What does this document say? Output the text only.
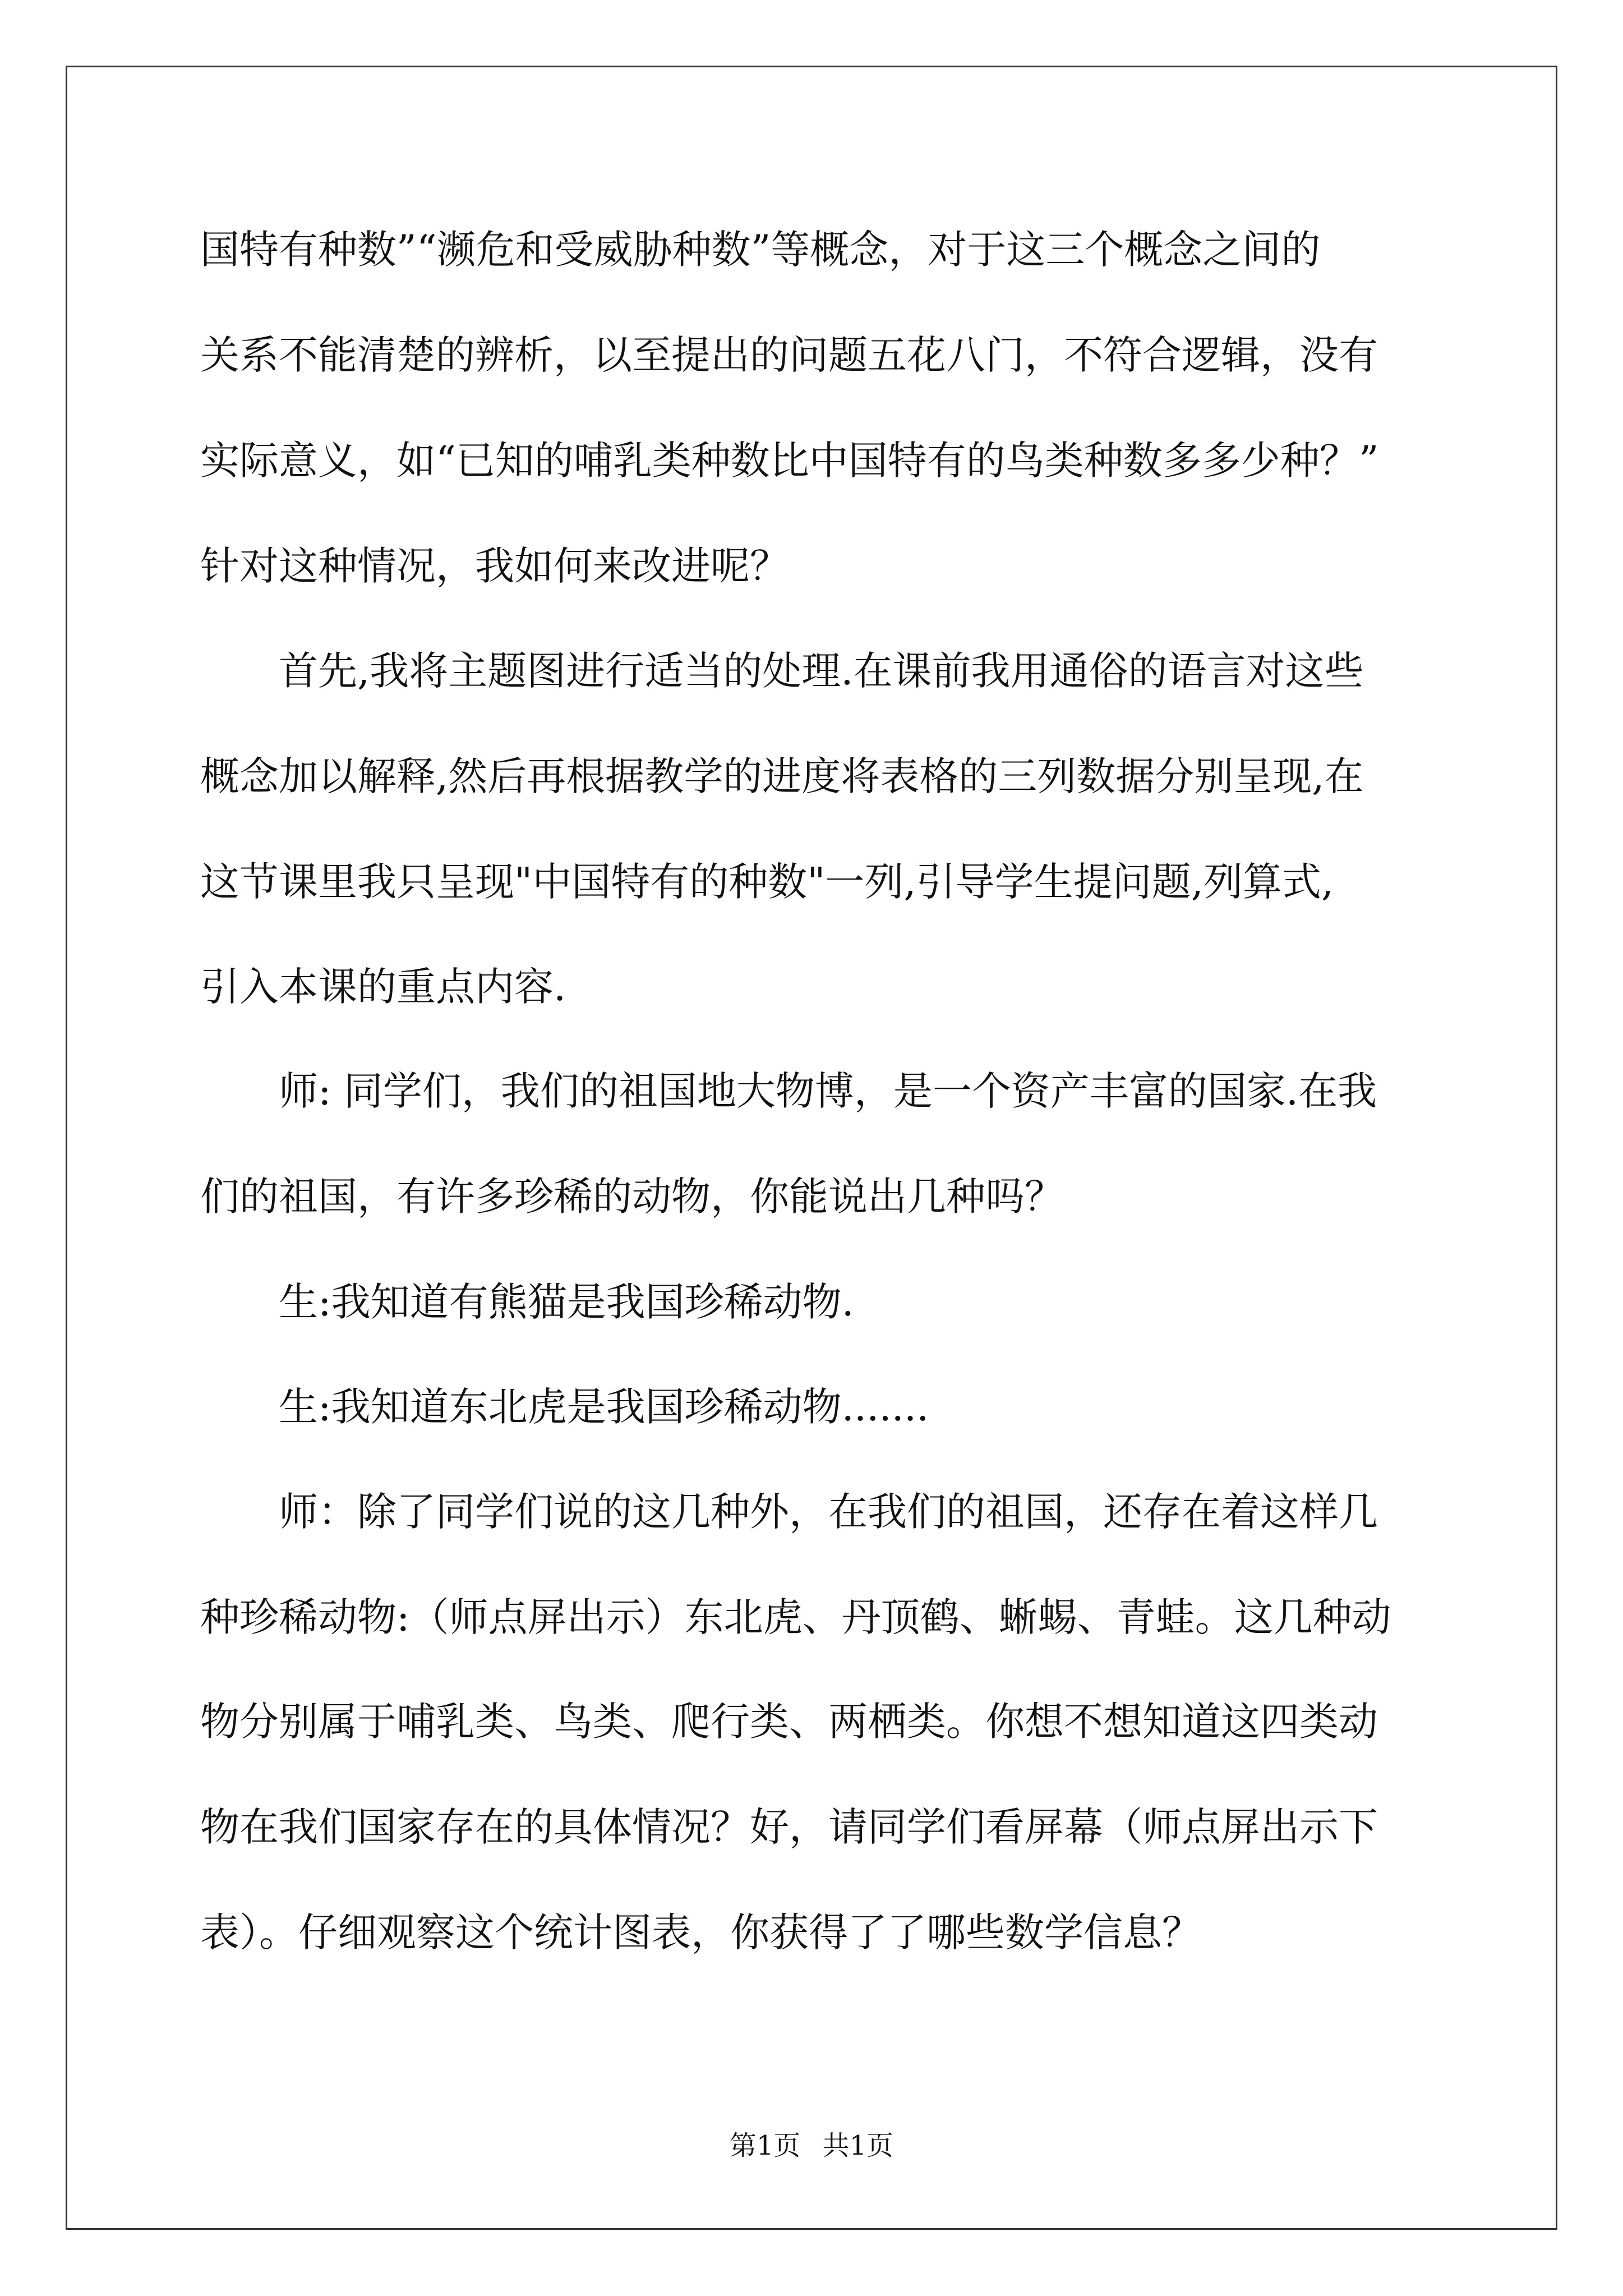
国特有种数”“濒危和受威胁种数”等概念，对于这三个概念之间的
关系不能清楚的辨析，以至提出的问题五花八门，不符合逻辑，没有
实际意义，如“已知的哺乳类种数比中国特有的鸟类种数多多少种？”
针对这种情况，我如何来改进呢？
首先,我将主题图进行适当的处理.在课前我用通俗的语言对这些
概念加以解释,然后再根据教学的进度将表格的三列数据分别呈现,在
这节课里我只呈现"中国特有的种数"一列,引导学生提问题,列算式,
引入本课的重点内容.
师: 同学们，我们的祖国地大物博，是一个资产丰富的国家.在我
们的祖国，有许多珍稀的动物，你能说出几种吗？
生:我知道有熊猫是我国珍稀动物.
生:我知道东北虎是我国珍稀动物.......
师：除了同学们说的这几种外，在我们的祖国，还存在着这样几
种珍稀动物:（师点屏出示）东北虎、丹顶鹤、蜥蜴、青蛙。这几种动
物分别属于哺乳类、鸟类、爬行类、两栖类。你想不想知道这四类动
物在我们国家存在的具体情况？好，请同学们看屏幕（师点屏出示下
表）。仔细观察这个统计图表，你获得了了哪些数学信息？
第1页 共1页
